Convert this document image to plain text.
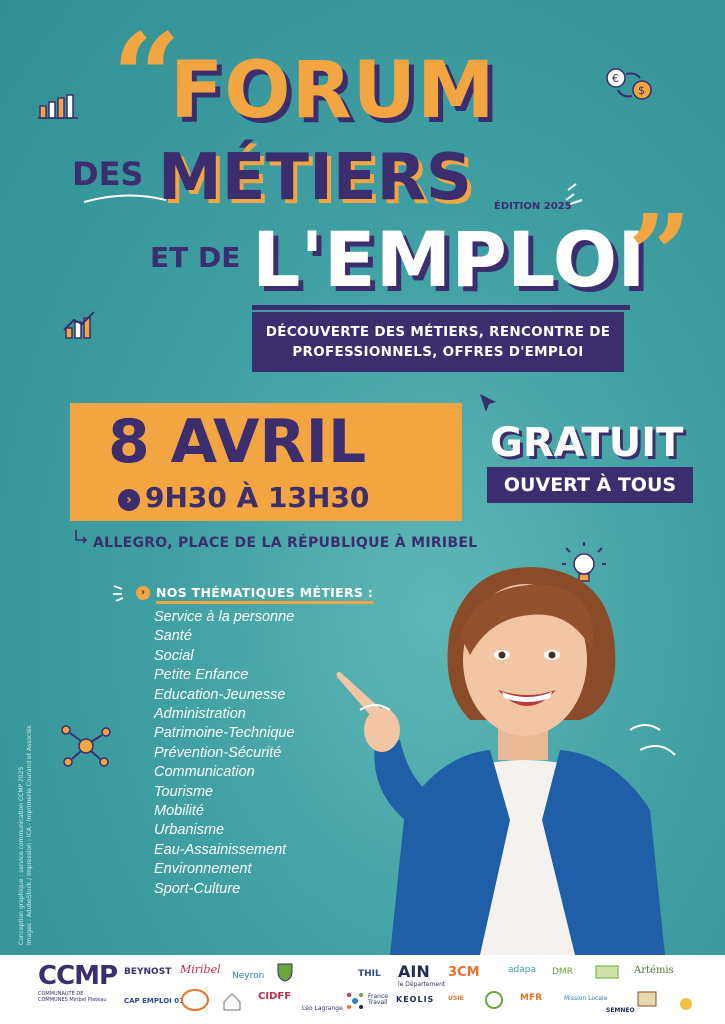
€
$
“
FORUM
DES MÉTIERS ÉDITION 2025
ET DE L'EMPLOI
”
DÉCOUVERTE DES MÉTIERS, RENCONTRE DE
PROFESSIONNELS, OFFRES D'EMPLOI
8 AVRIL
› 9H30 À 13H30
ALLEGRO, PLACE DE LA RÉPUBLIQUE À MIRIBEL
GRATUIT
OUVERT À TOUS
› NOS THÉMATIQUES MÉTIERS :
Service à la personne
Santé
Social
Petite Enfance
Education-Jeunesse
Administration
Patrimoine-Technique
Prévention-Sécurité
Communication
Tourisme
Mobilité
Urbanisme
Eau-Assainissement
Environnement
Sport-Culture
Conception graphique : service communication CCMP 2025 Images : AdobeStock / Impression : ICA - Imprimerie Courand et Associés
CCMP
COMMUNAUTÉ DE COMMUNES Miribel Plateau
BEYNOST Miribel Neyron	THIL AIN
le Département
3CM	adapa DMR	Artémis
CAP EMPLOI 01	CIDFF
Léo Lagrange
France Travail	KEOLIS USIE	MFR	Mission Locale
SEMNEO
